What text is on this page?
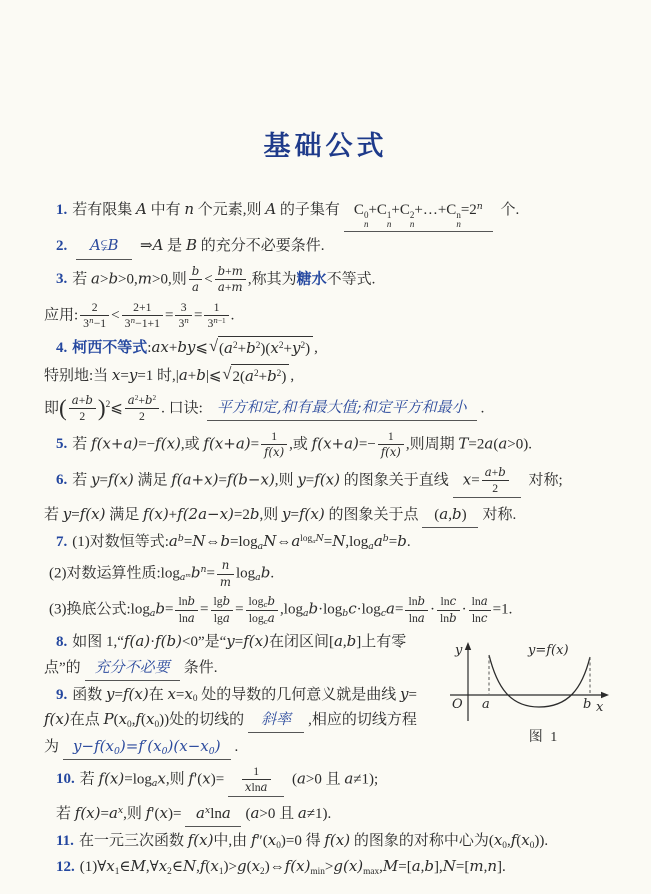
基础公式
1. 若有限集 A 中有 n 个元素,则 A 的子集有 C 0
n
+C 1
n
+C 2
n
+…+C n
n
$=2^n$ 个.
2. A⫋B ⇒A 是 B 的充分不必要条件.
3. 若 a>b>0,m>0,则 $\frac{b}{a} < \frac{b+m}{a+m}$ ,称其为糖水不等式.
应用: $\frac{2}{3^n-1} < \frac{2+1}{3^n-1+1} = \frac{3}{3^n} = \frac{1}{3^{n-1}}$ .
4. 柯西不等式:ax+by⩽ √ $(a^2+b^2)(x^2+y^2)$ ,
特别地:当 x=y=1 时,|a+b|⩽ √ $2(a^2+b^2)$ ,
即( $\frac{a+b}{2}$ )$^2$⩽ $\frac{a^2+b^2}{2}$ . 口诀: 平方和定,和有最大值;和定平方和最小 .
5. 若 f(x+a)=−f(x),或 $f(x+a)= \frac{1}{f(x)}$ ,或 $f(x+a)=- \frac{1}{f(x)}$ ,则周期 T=2a(a>0).
6. 若 y=f(x) 满足 f(a+x)=f(b−x),则 y=f(x) 的图象关于直线 $x= \frac{a+b}{2}$ 对称;
若 y=f(x) 满足 f(x)+f(2a−x)=2b,则 y=f(x) 的图象关于点 (a,b) 对称.
7. (1)对数恒等式$:a^b=N\Leftrightarrow b=logaN\Leftrightarrow a^{logaN}=N,logaa^b=b$.
(2)对数运算性质$:\log a^mb^n= \frac{n}{m}$ logab.
(3)换底公式:logab= $\frac{\ln b}{\ln a} = \frac{\lg b}{\lg a} = \frac{\text{logcb}}{\text{logca}}$ ,logab·logbc·logca= $\frac{\ln b}{\ln a} \cdot \frac{\ln c}{\ln b} \cdot \frac{\ln a}{\ln c} =1$.
8. 如图 1,“f(a)·f(b)<0”是“y=f(x)在闭区间[a,b]上有零
点”的 充分不必要 条件.
9. 函数 y=f(x)在 x=x0 处的导数的几何意义就是曲线 y=
f(x)在点 P(x0,f(x0))处的切线的 斜率 ,相应的切线方程
为 y−f(x0)=f′(x0)(x−x0) .
10. 若 f(x)=logax,则 $f'(x)= \frac{1}{xlna} (a>0$ 且 a≠1);
若 $f(x)=a^x$,则 $f'(x)= a^x\ln a$ (a>0 且 a≠1).
11. 在一元三次函数 f(x)中,由 f″(x0)=0 得 f(x) 的图象的对称中心为(x0,f(x0)).
12. (1)∀x1∈M,∀x2∈N,f(x1)>g(x2)⇔f(x)min>g(x)max,M=[a,b],N=[m,n].
y
O a	b x
y=f(x)
图 1
